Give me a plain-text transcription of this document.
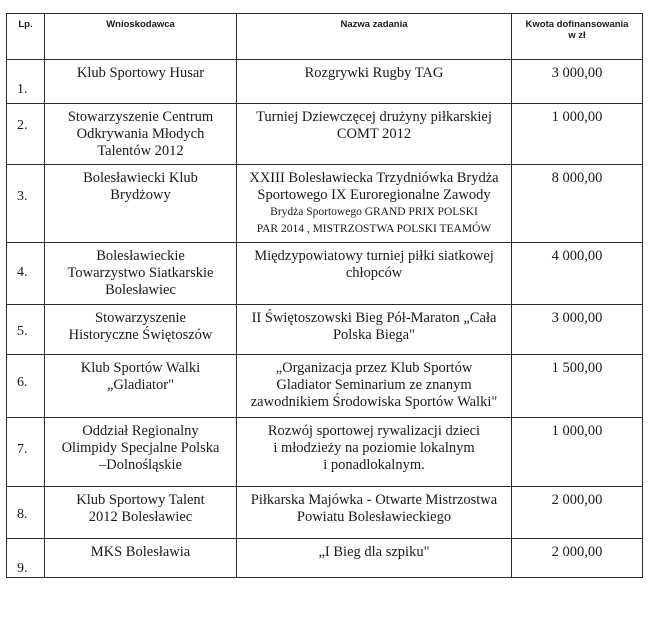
Lp.	Wnioskodawca	Nazwa zadania	Kwota dofinansowania
w zł

1.	Klub Sportowy Husar	Rozgrywki Rugby TAG	3 000,00

2.	Stowarzyszenie Centrum
Odkrywania Młodych
Talentów 2012	Turniej Dziewczęcej drużyny piłkarskiej
COMT 2012	1 000,00

3.	Bolesławiecki Klub
Brydżowy	XXIII Bolesławiecka Trzydniówka Brydża
Sportowego IX Euroregionalne Zawody
Brydża Sportowego GRAND PRIX POLSKI
PAR 2014 , MISTRZOSTWA POLSKI TEAMÓW	8 000,00

4.	Bolesławieckie
Towarzystwo Siatkarskie
Bolesławiec	Międzypowiatowy turniej piłki siatkowej
chłopców	4 000,00

5.	Stowarzyszenie
Historyczne Świętoszów	II Świętoszowski Bieg Pół-Maraton „Cała
Polska Biega"	3 000,00

6.	Klub Sportów Walki
„Gladiator"	„Organizacja przez Klub Sportów
Gladiator Seminarium ze znanym
zawodnikiem Środowiska Sportów Walki"	1 500,00

7.	Oddział Regionalny
Olimpidy Specjalne Polska
–Dolnośląskie	Rozwój sportowej rywalizacji dzieci
i młodzieży na poziomie lokalnym
i ponadlokalnym.	1 000,00

8.	Klub Sportowy Talent
2012 Bolesławiec	Piłkarska Majówka - Otwarte Mistrzostwa
Powiatu Bolesławieckiego	2 000,00

9.	MKS Bolesławia	„I Bieg dla szpiku"	2 000,00
